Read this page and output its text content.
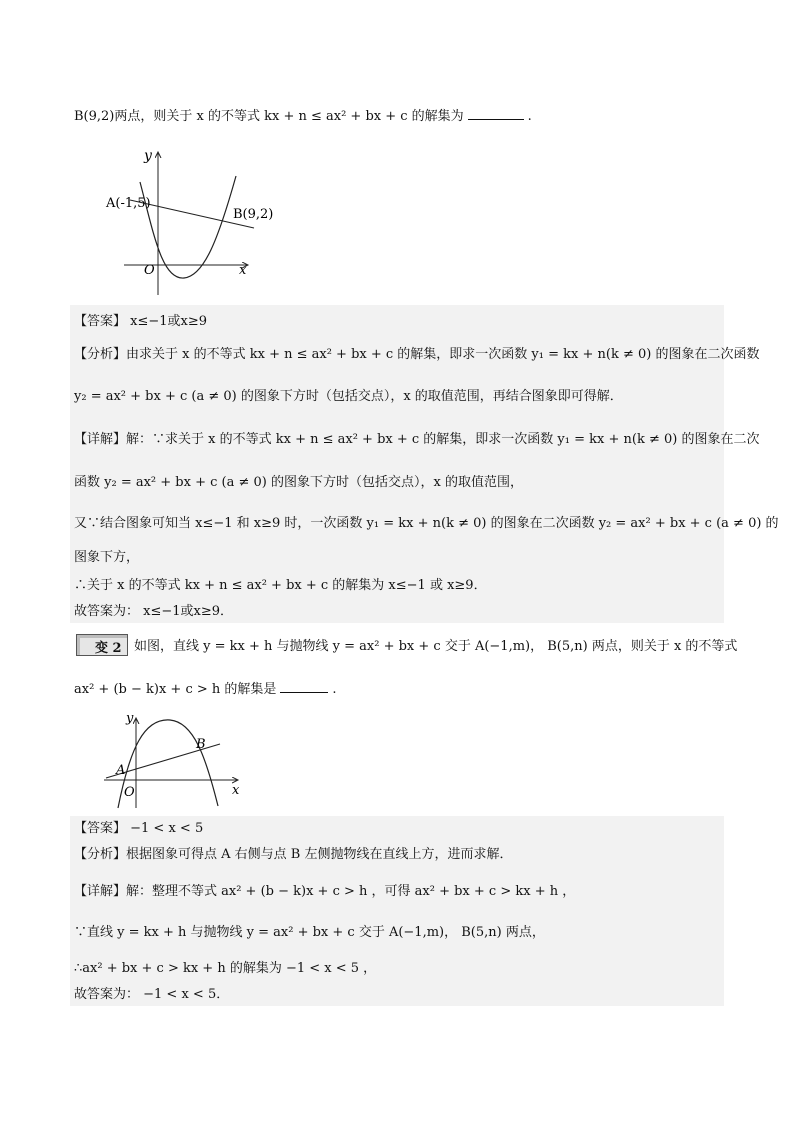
B(9,2)两点，则关于 x 的不等式 kx + n ≤ ax² + bx + c 的解集为	.
y
x
O
A(-1,5)
B(9,2)
【答案】 x≤−1或x≥9
【分析】由求关于 x 的不等式 kx + n ≤ ax² + bx + c 的解集，即求一次函数 y₁ = kx + n(k ≠ 0) 的图象在二次函数
y₂ = ax² + bx + c (a ≠ 0) 的图象下方时（包括交点），x 的取值范围，再结合图象即可得解．
【详解】解：∵求关于 x 的不等式 kx + n ≤ ax² + bx + c 的解集，即求一次函数 y₁ = kx + n(k ≠ 0) 的图象在二次
函数 y₂ = ax² + bx + c (a ≠ 0) 的图象下方时（包括交点），x 的取值范围，
又∵结合图象可知当 x≤−1 和 x≥9 时，一次函数 y₁ = kx + n(k ≠ 0) 的图象在二次函数 y₂ = ax² + bx + c (a ≠ 0) 的
图象下方，
∴关于 x 的不等式 kx + n ≤ ax² + bx + c 的解集为 x≤−1 或 x≥9．
故答案为： x≤−1或x≥9．
变 2 如图，直线 y = kx + h 与抛物线 y = ax² + bx + c 交于 A(−1,m)， B(5,n) 两点，则关于 x 的不等式
ax² + (b − k)x + c > h 的解集是	.
y
x
O
A
B
【答案】 −1 < x < 5
【分析】根据图象可得点 A 右侧与点 B 左侧抛物线在直线上方，进而求解．
【详解】解：整理不等式 ax² + (b − k)x + c > h ，可得 ax² + bx + c > kx + h ，
∵直线 y = kx + h 与抛物线 y = ax² + bx + c 交于 A(−1,m)， B(5,n) 两点，
∴ax² + bx + c > kx + h 的解集为 −1 < x < 5 ，
故答案为： −1 < x < 5．
